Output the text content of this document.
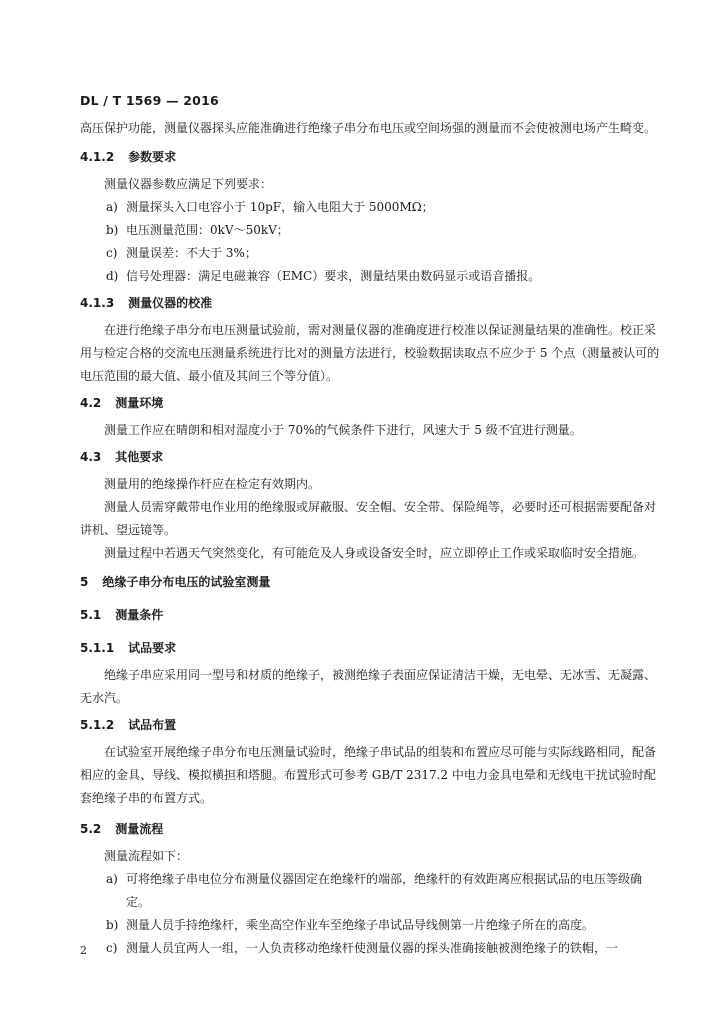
DL / T 1569 — 2016

高压保护功能，测量仪器探头应能准确进行绝缘子串分布电压或空间场强的测量而不会使被测电场产生畸变。

4.1.2 参数要求

测量仪器参数应满足下列要求：

a) 测量探头入口电容小于 10pF，输入电阻大于 5000MΩ；

b) 电压测量范围：0kV～50kV；

c) 测量误差：不大于 3%；

d) 信号处理器：满足电磁兼容（EMC）要求，测量结果由数码显示或语音播报。

4.1.3 测量仪器的校准

在进行绝缘子串分布电压测量试验前，需对测量仪器的准确度进行校准以保证测量结果的准确性。校正采用与检定合格的交流电压测量系统进行比对的测量方法进行，校验数据读取点不应少于 5 个点（测量被认可的电压范围的最大值、最小值及其间三个等分值）。

4.2 测量环境

测量工作应在晴朗和相对湿度小于 70%的气候条件下进行，风速大于 5 级不宜进行测量。

4.3 其他要求

测量用的绝缘操作杆应在检定有效期内。

测量人员需穿戴带电作业用的绝缘服或屏蔽服、安全帽、安全带、保险绳等，必要时还可根据需要配备对讲机、望远镜等。

测量过程中若遇天气突然变化，有可能危及人身或设备安全时，应立即停止工作或采取临时安全措施。

5 绝缘子串分布电压的试验室测量
5.1 测量条件
5.1.1 试品要求

绝缘子串应采用同一型号和材质的绝缘子，被测绝缘子表面应保证清洁干燥，无电晕、无冰雪、无凝露、无水汽。

5.1.2 试品布置

在试验室开展绝缘子串分布电压测量试验时，绝缘子串试品的组装和布置应尽可能与实际线路相同，配备相应的金具、导线、模拟横担和塔腿。布置形式可参考 GB/T 2317.2 中电力金具电晕和无线电干扰试验时配套绝缘子串的布置方式。

5.2 测量流程

测量流程如下：

a) 可将绝缘子串电位分布测量仪器固定在绝缘杆的端部，绝缘杆的有效距离应根据试品的电压等级确定。

b) 测量人员手持绝缘杆，乘坐高空作业车至绝缘子串试品导线侧第一片绝缘子所在的高度。

c) 测量人员宜两人一组，一人负责移动绝缘杆使测量仪器的探头准确接触被测绝缘子的铁帽，一

2
